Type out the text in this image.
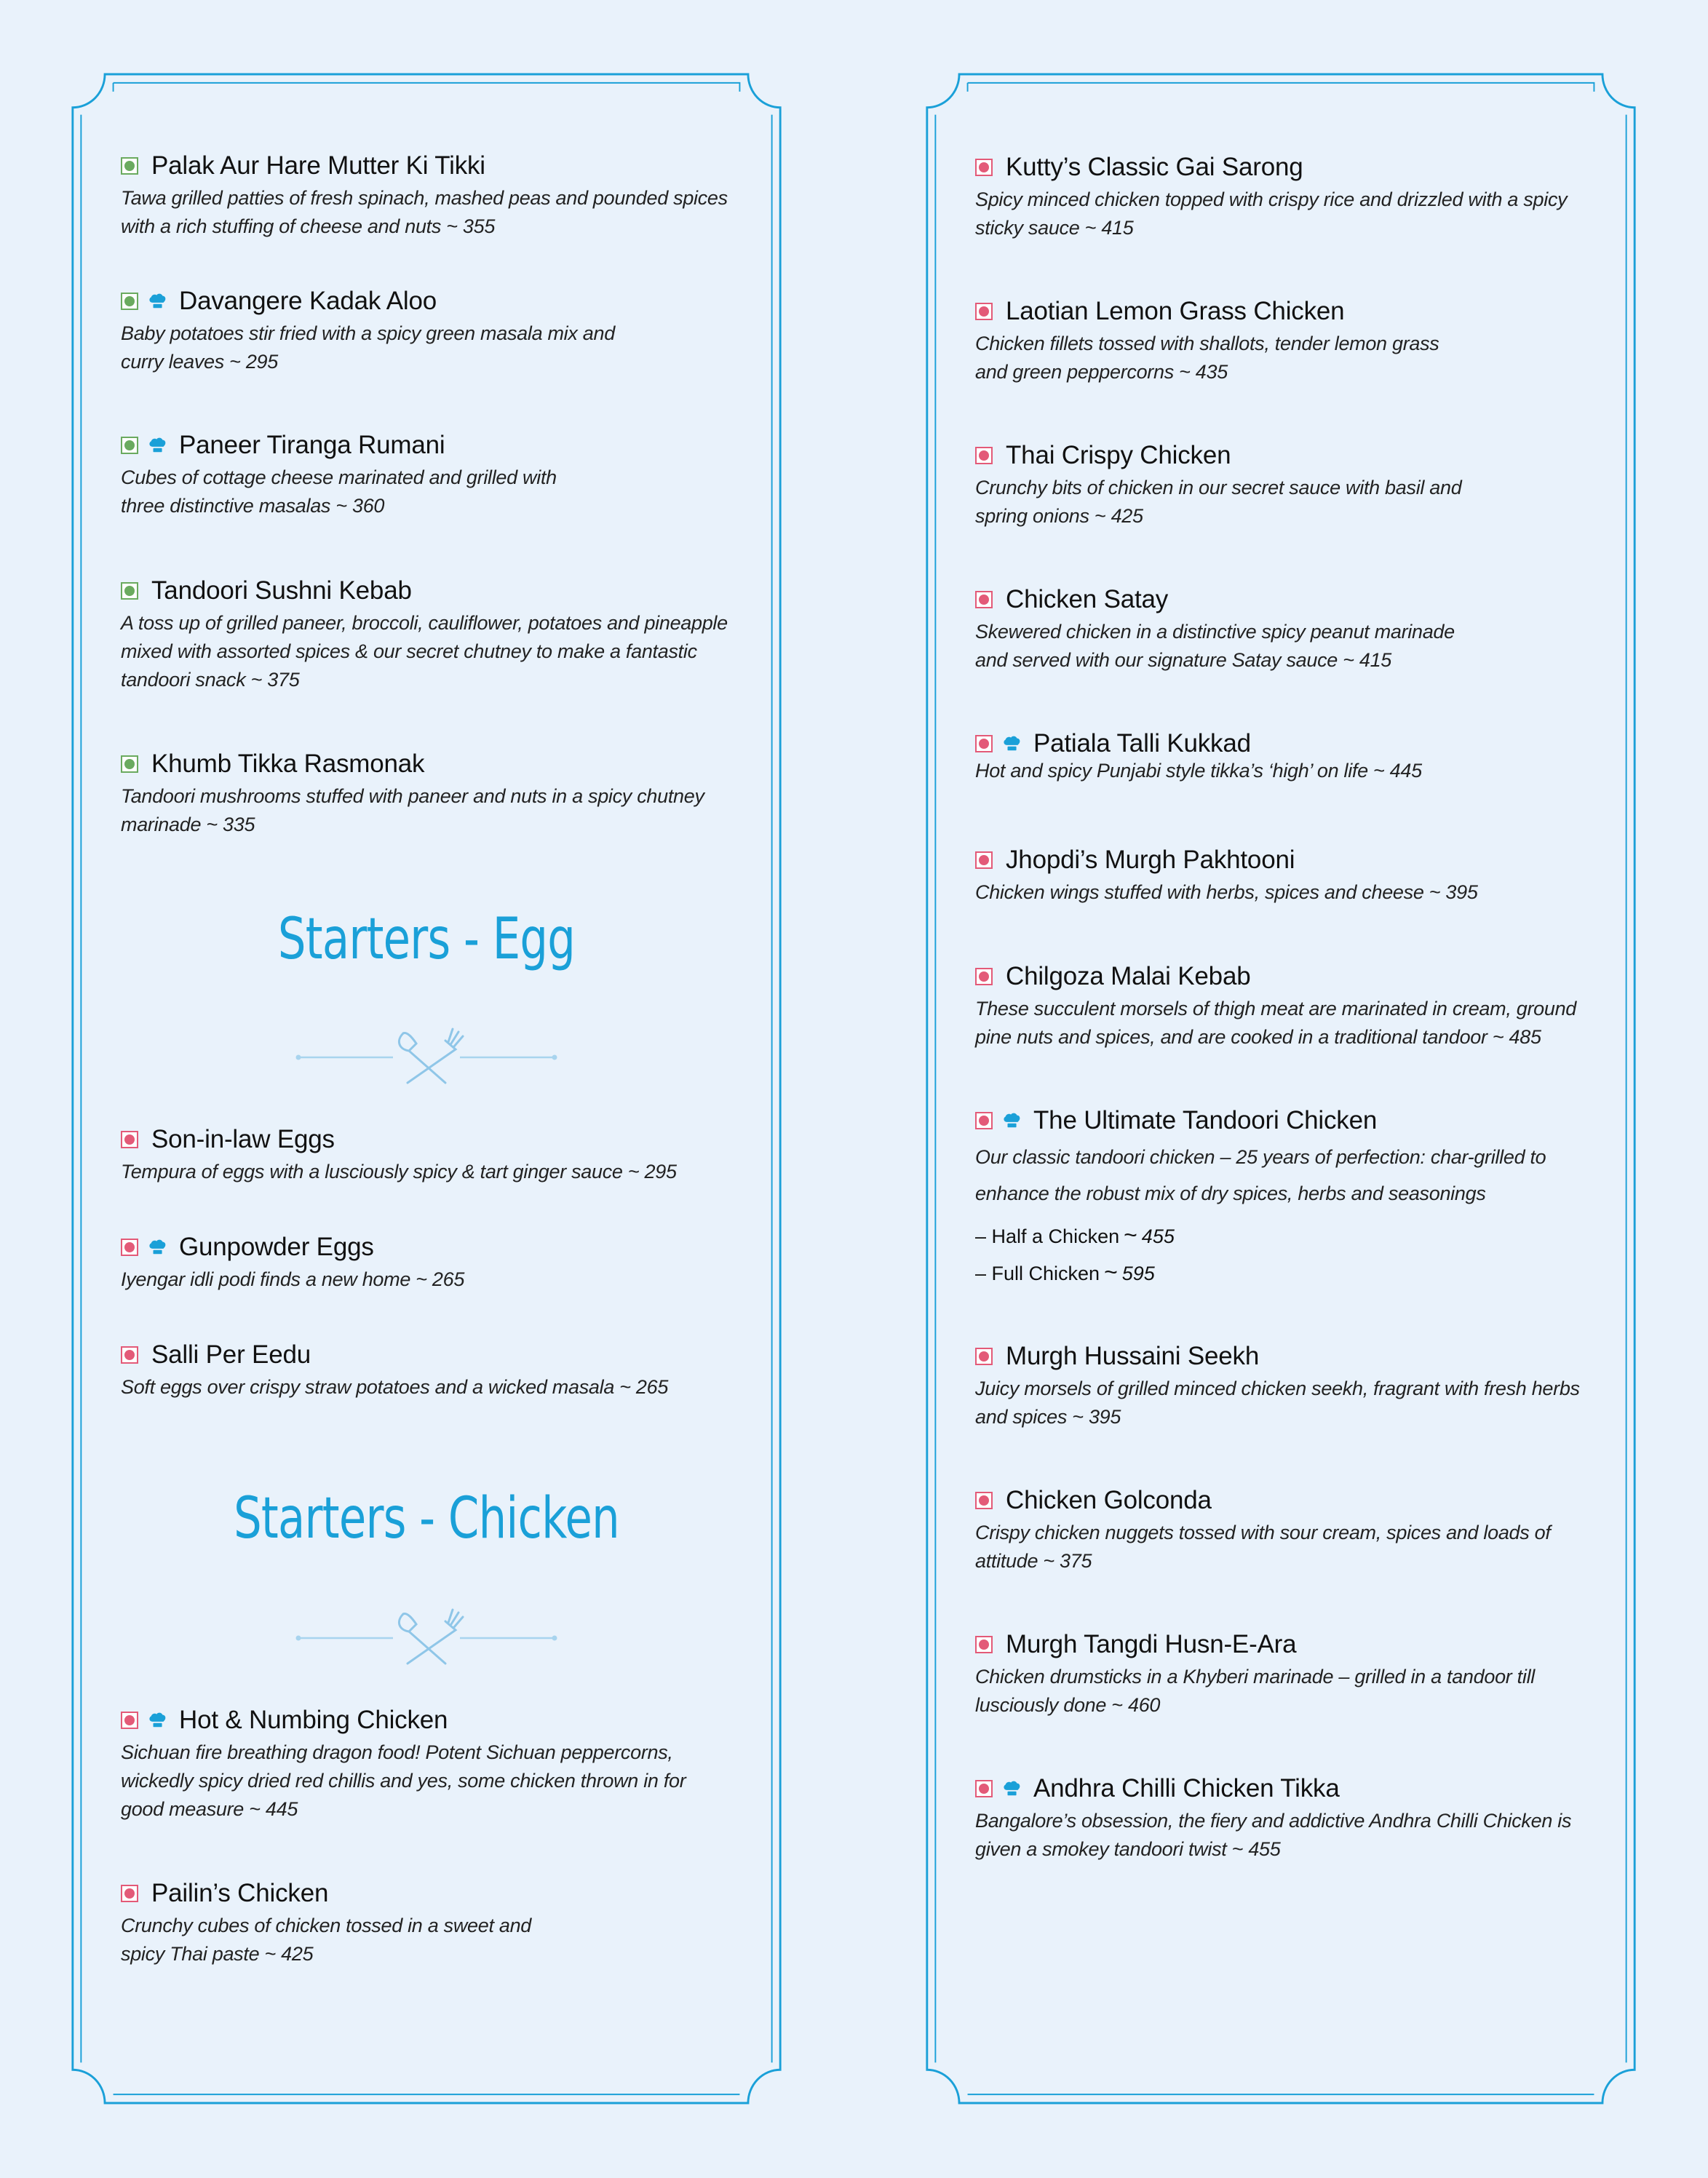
Palak Aur Hare Mutter Ki Tikki
Tawa grilled patties of fresh spinach, mashed peas and pounded spices
with a rich stuffing of cheese and nuts ~ 355
Davangere Kadak Aloo
Baby potatoes stir fried with a spicy green masala mix and
curry leaves ~ 295
Paneer Tiranga Rumani
Cubes of cottage cheese marinated and grilled with
three distinctive masalas ~ 360
Tandoori Sushni Kebab
A toss up of grilled paneer, broccoli, cauliflower, potatoes and pineapple
mixed with assorted spices & our secret chutney to make a fantastic
tandoori snack ~ 375
Khumb Tikka Rasmonak
Tandoori mushrooms stuffed with paneer and nuts in a spicy chutney
marinade ~ 335
Starters - Egg
Son-in-law Eggs
Tempura of eggs with a lusciously spicy & tart ginger sauce ~ 295
Gunpowder Eggs
Iyengar idli podi finds a new home ~ 265
Salli Per Eedu
Soft eggs over crispy straw potatoes and a wicked masala ~ 265
Starters - Chicken
Hot & Numbing Chicken
Sichuan fire breathing dragon food! Potent Sichuan peppercorns,
wickedly spicy dried red chillis and yes, some chicken thrown in for
good measure ~ 445
Pailin’s Chicken
Crunchy cubes of chicken tossed in a sweet and
spicy Thai paste ~ 425
Kutty’s Classic Gai Sarong
Spicy minced chicken topped with crispy rice and drizzled with a spicy
sticky sauce ~ 415
Laotian Lemon Grass Chicken
Chicken fillets tossed with shallots, tender lemon grass
and green peppercorns ~ 435
Thai Crispy Chicken
Crunchy bits of chicken in our secret sauce with basil and
spring onions ~ 425
Chicken Satay
Skewered chicken in a distinctive spicy peanut marinade
and served with our signature Satay sauce ~ 415
Patiala Talli Kukkad
Hot and spicy Punjabi style tikka’s ‘high’ on life ~ 445
Jhopdi’s Murgh Pakhtooni
Chicken wings stuffed with herbs, spices and cheese ~ 395
Chilgoza Malai Kebab
These succulent morsels of thigh meat are marinated in cream, ground
pine nuts and spices, and are cooked in a traditional tandoor ~ 485
The Ultimate Tandoori Chicken
Our classic tandoori chicken – 25 years of perfection: char-grilled to
enhance the robust mix of dry spices, herbs and seasonings
– Half a Chicken ~ 455
– Full Chicken ~ 595
Murgh Hussaini Seekh
Juicy morsels of grilled minced chicken seekh, fragrant with fresh herbs
and spices ~ 395
Chicken Golconda
Crispy chicken nuggets tossed with sour cream, spices and loads of
attitude ~ 375
Murgh Tangdi Husn-E-Ara
Chicken drumsticks in a Khyberi marinade – grilled in a tandoor till
lusciously done ~ 460
Andhra Chilli Chicken Tikka
Bangalore’s obsession, the fiery and addictive Andhra Chilli Chicken is
given a smokey tandoori twist ~ 455
